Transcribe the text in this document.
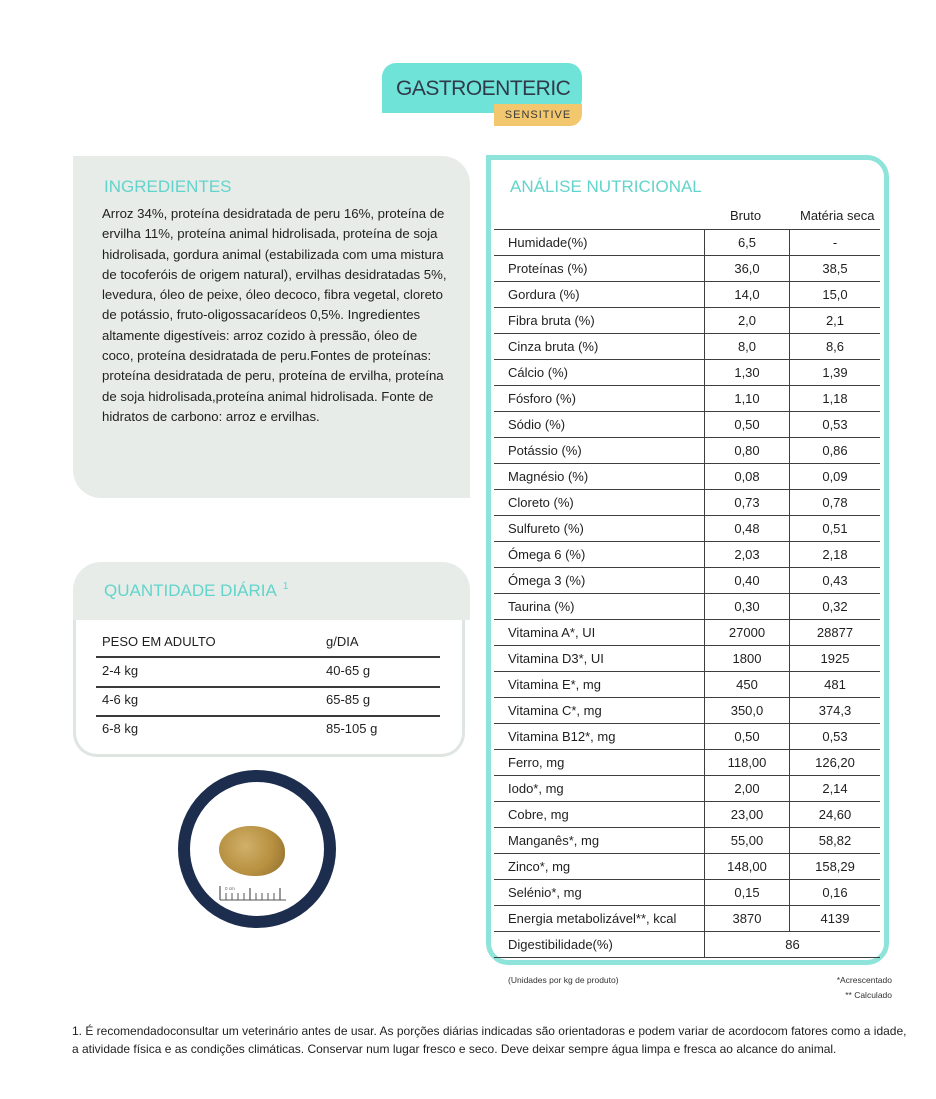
GASTROENTERIC
SENSITIVE
INGREDIENTES
Arroz 34%, proteína desidratada de peru 16%, proteína de ervilha 11%, proteína animal hidrolisada, proteína de soja hidrolisada, gordura animal (estabilizada com uma mistura de tocoferóis de origem natural), ervilhas desidratadas 5%, levedura, óleo de peixe, óleo decoco, fibra vegetal, cloreto de potássio, fruto-oligossacarídeos 0,5%. Ingredientes altamente digestíveis: arroz cozido à pressão, óleo de coco, proteína desidratada de peru.Fontes de proteínas: proteína desidratada de peru, proteína de ervilha, proteína de soja hidrolisada,proteína animal hidrolisada. Fonte de hidratos de carbono: arroz e ervilhas.
QUANTIDADE DIÁRIA $^1$
PESO EM ADULTO	g/DIA
2-4 kg	40-65 g
4-6 kg	65-85 g
6-8 kg	85-105 g
0 cm
ANÁLISE NUTRICIONAL
Bruto	Matéria seca
Humidade(%)	6,5	-
Proteínas (%)	36,0	38,5
Gordura (%)	14,0	15,0
Fibra bruta (%)	2,0	2,1
Cinza bruta (%)	8,0	8,6
Cálcio (%)	1,30	1,39
Fósforo (%)	1,10	1,18
Sódio (%)	0,50	0,53
Potássio (%)	0,80	0,86
Magnésio (%)	0,08	0,09
Cloreto (%)	0,73	0,78
Sulfureto (%)	0,48	0,51
Ómega 6 (%)	2,03	2,18
Ómega 3 (%)	0,40	0,43
Taurina (%)	0,30	0,32
Vitamina A*, UI	27000	28877
Vitamina D3*, UI	1800	1925
Vitamina E*, mg	450	481
Vitamina C*, mg	350,0	374,3
Vitamina B12*, mg	0,50	0,53
Ferro, mg	118,00	126,20
Iodo*, mg	2,00	2,14
Cobre, mg	23,00	24,60
Manganês*, mg	55,00	58,82
Zinco*, mg	148,00	158,29
Selénio*, mg	0,15	0,16
Energia metabolizável**, kcal	3870	4139
Digestibilidade(%)	86	
(Unidades por kg de produto)	*Acrescentado
** Calculado
1. É recomendadoconsultar um veterinário antes de usar. As porções diárias indicadas são orientadoras e podem variar de acordocom fatores como a idade, a atividade física e as condições climáticas. Conservar num lugar fresco e seco. Deve deixar sempre água limpa e fresca ao alcance do animal.
